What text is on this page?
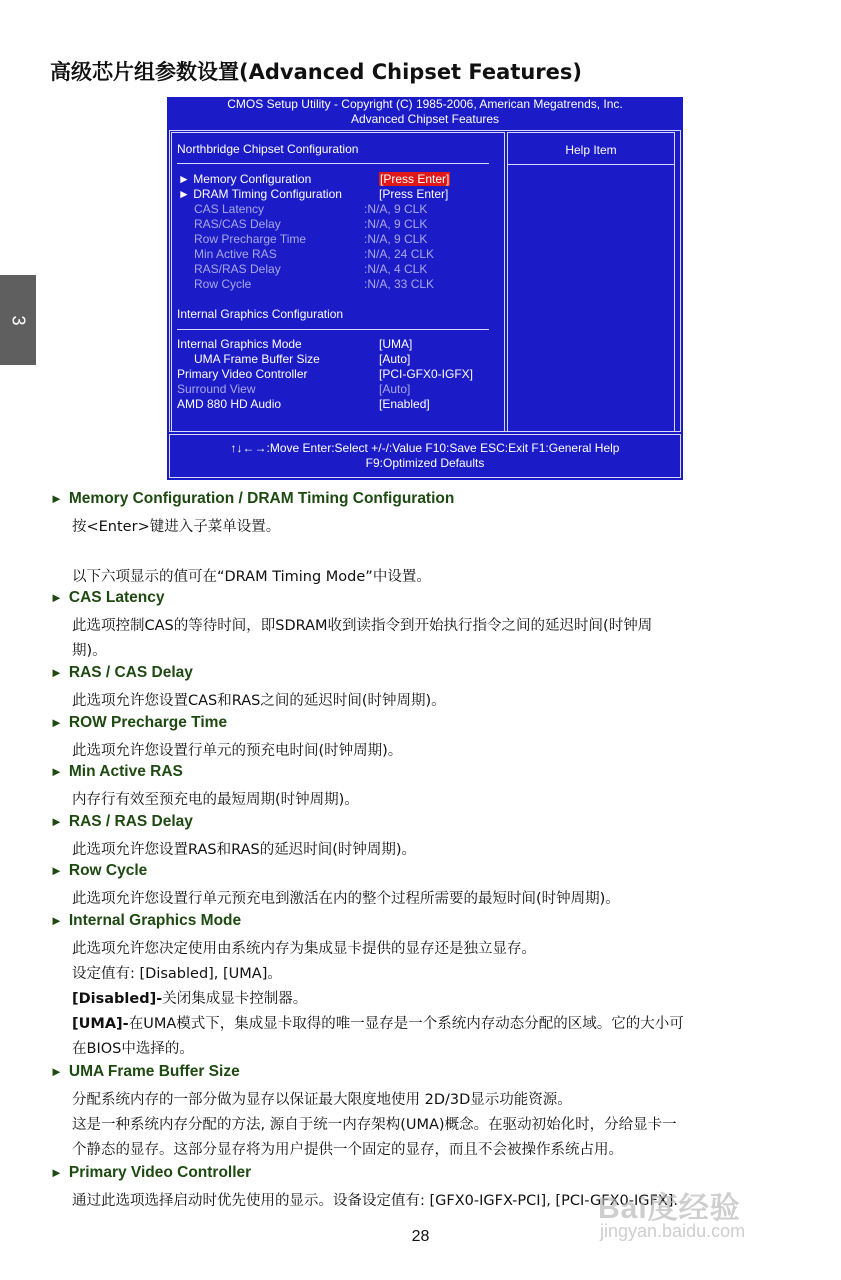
高级芯片组参数设置(Advanced Chipset Features)
3
CMOS Setup Utility - Copyright (C) 1985-2006, American Megatrends, Inc.
Advanced Chipset Features
Help Item
Northbridge Chipset Configuration
► Memory Configuration	[Press Enter]
► DRAM Timing Configuration	[Press Enter]
CAS Latency	:N/A, 9 CLK
RAS/CAS Delay	:N/A, 9 CLK
Row Precharge Time	:N/A, 9 CLK
Min Active RAS	:N/A, 24 CLK
RAS/RAS Delay	:N/A, 4 CLK
Row Cycle	:N/A, 33 CLK
Internal Graphics Configuration
Internal Graphics Mode	[UMA]
UMA Frame Buffer Size	[Auto]
Primary Video Controller	[PCI-GFX0-IGFX]
Surround View	[Auto]
AMD 880 HD Audio	[Enabled]
↑↓←→:Move Enter:Select +/-/:Value F10:Save ESC:Exit F1:General Help
F9:Optimized Defaults
► Memory Configuration / DRAM Timing Configuration
按<Enter>键进入子菜单设置。
以下六项显示的值可在“DRAM Timing Mode”中设置。
► CAS Latency
此选项控制CAS的等待时间，即SDRAM收到读指令到开始执行指令之间的延迟时间(时钟周
期)。
► RAS / CAS Delay
此选项允许您设置CAS和RAS之间的延迟时间(时钟周期)。
► ROW Precharge Time
此选项允许您设置行单元的预充电时间(时钟周期)。
► Min Active RAS
内存行有效至预充电的最短周期(时钟周期)。
► RAS / RAS Delay
此选项允许您设置RAS和RAS的延迟时间(时钟周期)。
► Row Cycle
此选项允许您设置行单元预充电到激活在内的整个过程所需要的最短时间(时钟周期)。
► Internal Graphics Mode
此选项允许您决定使用由系统内存为集成显卡提供的显存还是独立显存。
设定值有: [Disabled], [UMA]。
[Disabled]-关闭集成显卡控制器。
[UMA]-在UMA模式下，集成显卡取得的唯一显存是一个系统内存动态分配的区域。它的大小可
在BIOS中选择的。
► UMA Frame Buffer Size
分配系统内存的一部分做为显存以保证最大限度地使用 2D/3D显示功能资源。
这是一种系统内存分配的方法, 源自于统一内存架构(UMA)概念。在驱动初始化时，分给显卡一
个静态的显存。这部分显存将为用户提供一个固定的显存，而且不会被操作系统占用。
► Primary Video Controller
通过此选项选择启动时优先使用的显示。设备设定值有: [GFX0-IGFX-PCI], [PCI-GFX0-IGFX].
28
Bai度经验
jingyan.baidu.com
